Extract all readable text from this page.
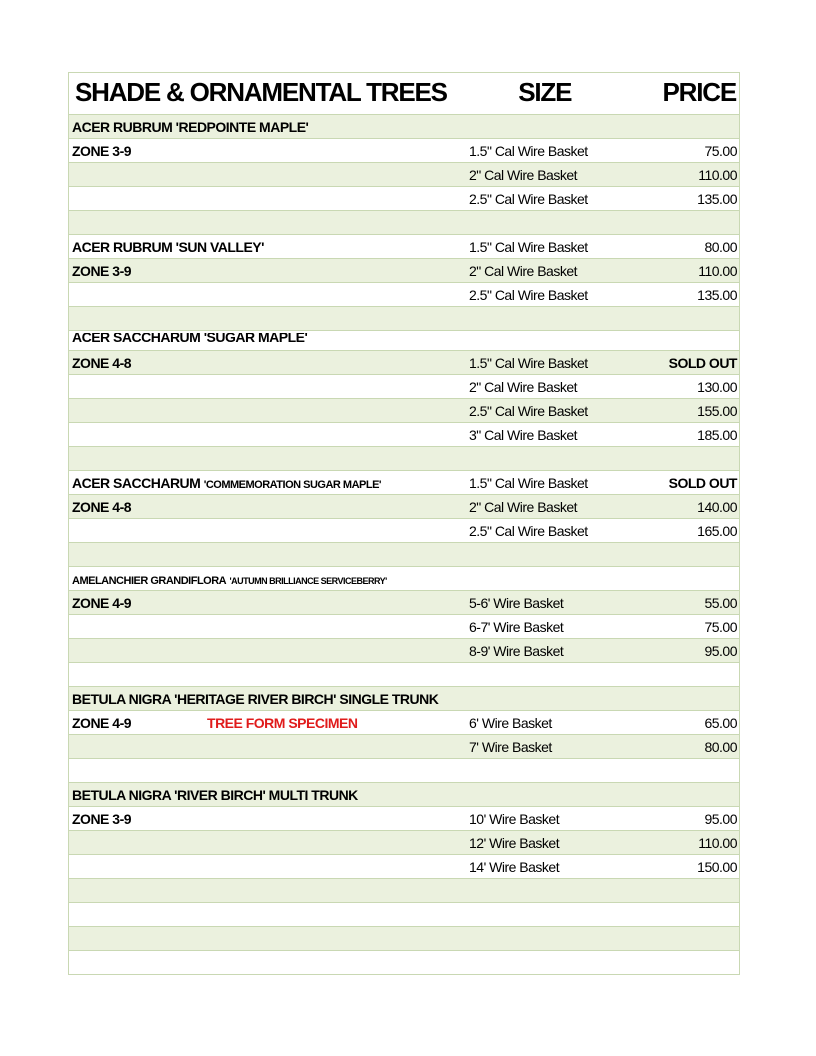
SHADE & ORNAMENTAL TREES	SIZE	PRICE
ACER RUBRUM 'REDPOINTE MAPLE'
ZONE 3-9	1.5" Cal Wire Basket	75.00
2" Cal Wire Basket	110.00
2.5" Cal Wire Basket	135.00
ACER RUBRUM 'SUN VALLEY'	1.5" Cal Wire Basket	80.00
ZONE 3-9	2" Cal Wire Basket	110.00
2.5" Cal Wire Basket	135.00
ACER SACCHARUM 'SUGAR MAPLE'
ZONE 4-8	1.5" Cal Wire Basket	SOLD OUT
2" Cal Wire Basket	130.00
2.5" Cal Wire Basket	155.00
3" Cal Wire Basket	185.00
ACER SACCHARUM 'COMMEMORATION SUGAR MAPLE'	1.5" Cal Wire Basket	SOLD OUT
ZONE 4-8	2" Cal Wire Basket	140.00
2.5" Cal Wire Basket	165.00
AMELANCHIER GRANDIFLORA 'AUTUMN BRILLIANCE SERVICEBERRY'
ZONE 4-9	5-6' Wire Basket	55.00
6-7' Wire Basket	75.00
8-9' Wire Basket	95.00
BETULA NIGRA 'HERITAGE RIVER BIRCH' SINGLE TRUNK
ZONE 4-9	TREE FORM SPECIMEN	6' Wire Basket	65.00
7' Wire Basket	80.00
BETULA NIGRA 'RIVER BIRCH' MULTI TRUNK
ZONE 3-9	10' Wire Basket	95.00
12' Wire Basket	110.00
14' Wire Basket	150.00
